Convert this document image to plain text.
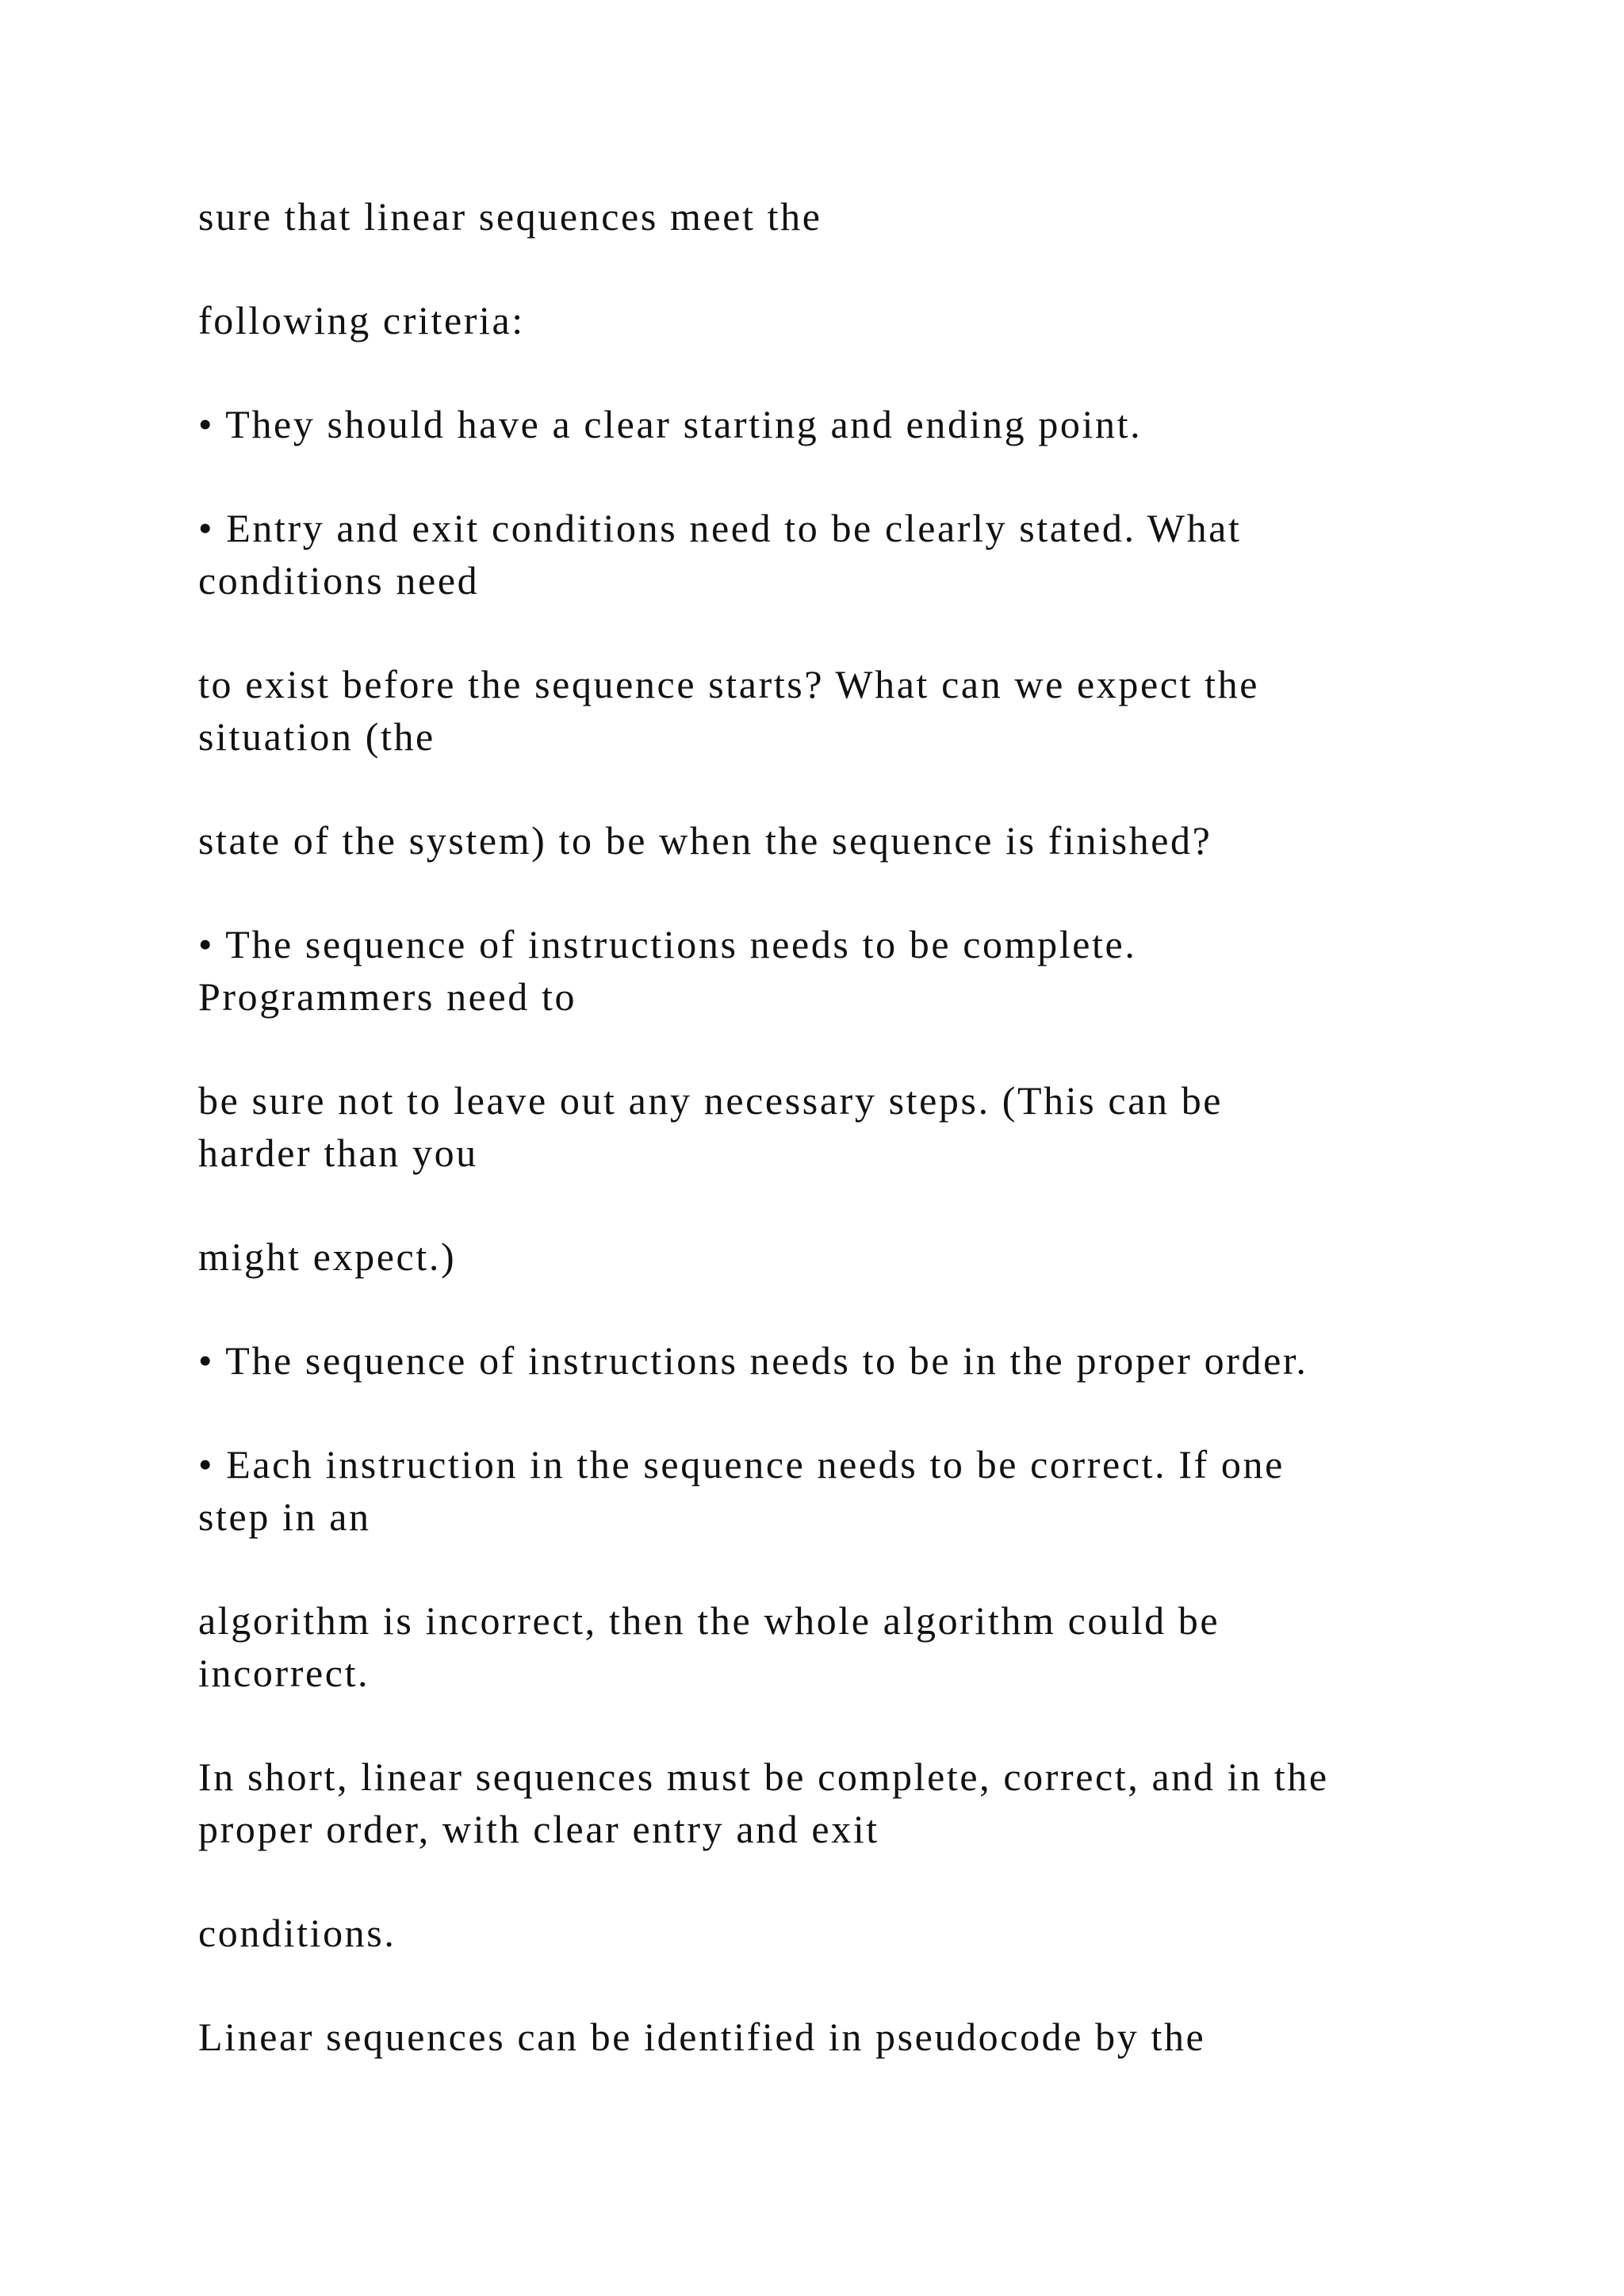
sure that linear sequences meet the

following criteria:

• They should have a clear starting and ending point.

• Entry and exit conditions need to be clearly stated. What
conditions need

to exist before the sequence starts? What can we expect the
situation (the

state of the system) to be when the sequence is finished?

• The sequence of instructions needs to be complete.
Programmers need to

be sure not to leave out any necessary steps. (This can be
harder than you

might expect.)

• The sequence of instructions needs to be in the proper order.

• Each instruction in the sequence needs to be correct. If one
step in an

algorithm is incorrect, then the whole algorithm could be
incorrect.

In short, linear sequences must be complete, correct, and in the
proper order, with clear entry and exit

conditions.

Linear sequences can be identified in pseudocode by the
